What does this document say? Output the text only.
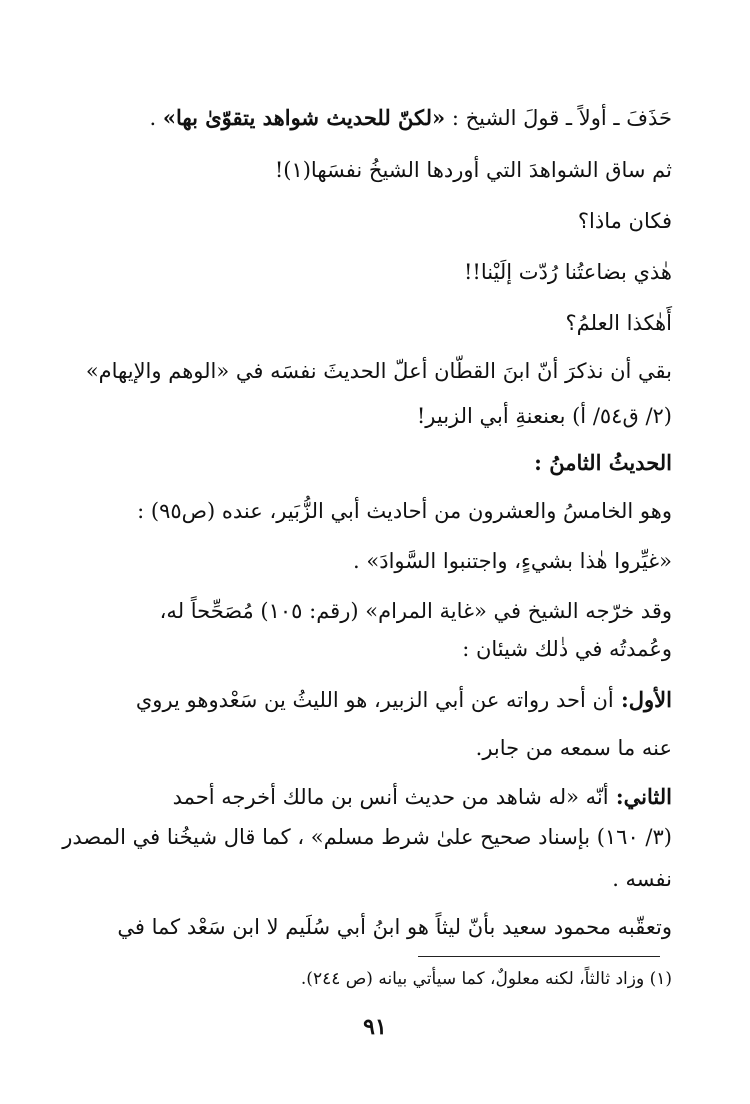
حَذَفَ ـ أولاً ـ قولَ الشيخ : «لكنّ للحديث شواهد يتقوّىٰ بها» .
ثم ساق الشواهدَ التي أوردها الشيخُ نفسَها(١)!
فكان ماذا؟
هٰذي بضاعتُنا رُدّت إلَيْنا!!
أَهٰكذا العلمُ؟
بقي أن نذكرَ أنّ ابنَ القطّان أعلّ الحديثَ نفسَه في «الوهم والإيهام»
(٢/ ق٥٤/ أ) بعنعنةِ أبي الزبير!
الحديثُ الثامنُ :
وهو الخامسُ والعشرون من أحاديث أبي الزُّبَير، عنده (ص٩٥) :
«غيِّروا هٰذا بشيءٍ، واجتنبوا السَّوادَ» .
وقد خرّجه الشيخ في «غاية المرام» (رقم: ١٠٥) مُصَحِّحاً له،
وعُمدتُه في ذٰلك شيئان :
الأول: أن أحد رواته عن أبي الزبير، هو الليثُ ين سَعْدوهو يروي
عنه ما سمعه من جابر.
الثاني: أنّه «له شاهد من حديث أنس بن مالك أخرجه أحمد
(٣/ ١٦٠) بإسناد صحيح علىٰ شرط مسلم» ، كما قال شيخُنا في المصدر
نفسه .
وتعقّبه محمود سعيد بأنّ ليثاً هو ابنُ أبي سُلَيم لا ابن سَعْد كما في
(١) وزاد ثالثاً، لكنه معلولٌ، كما سيأتي بيانه (ص ٢٤٤).
٩١
